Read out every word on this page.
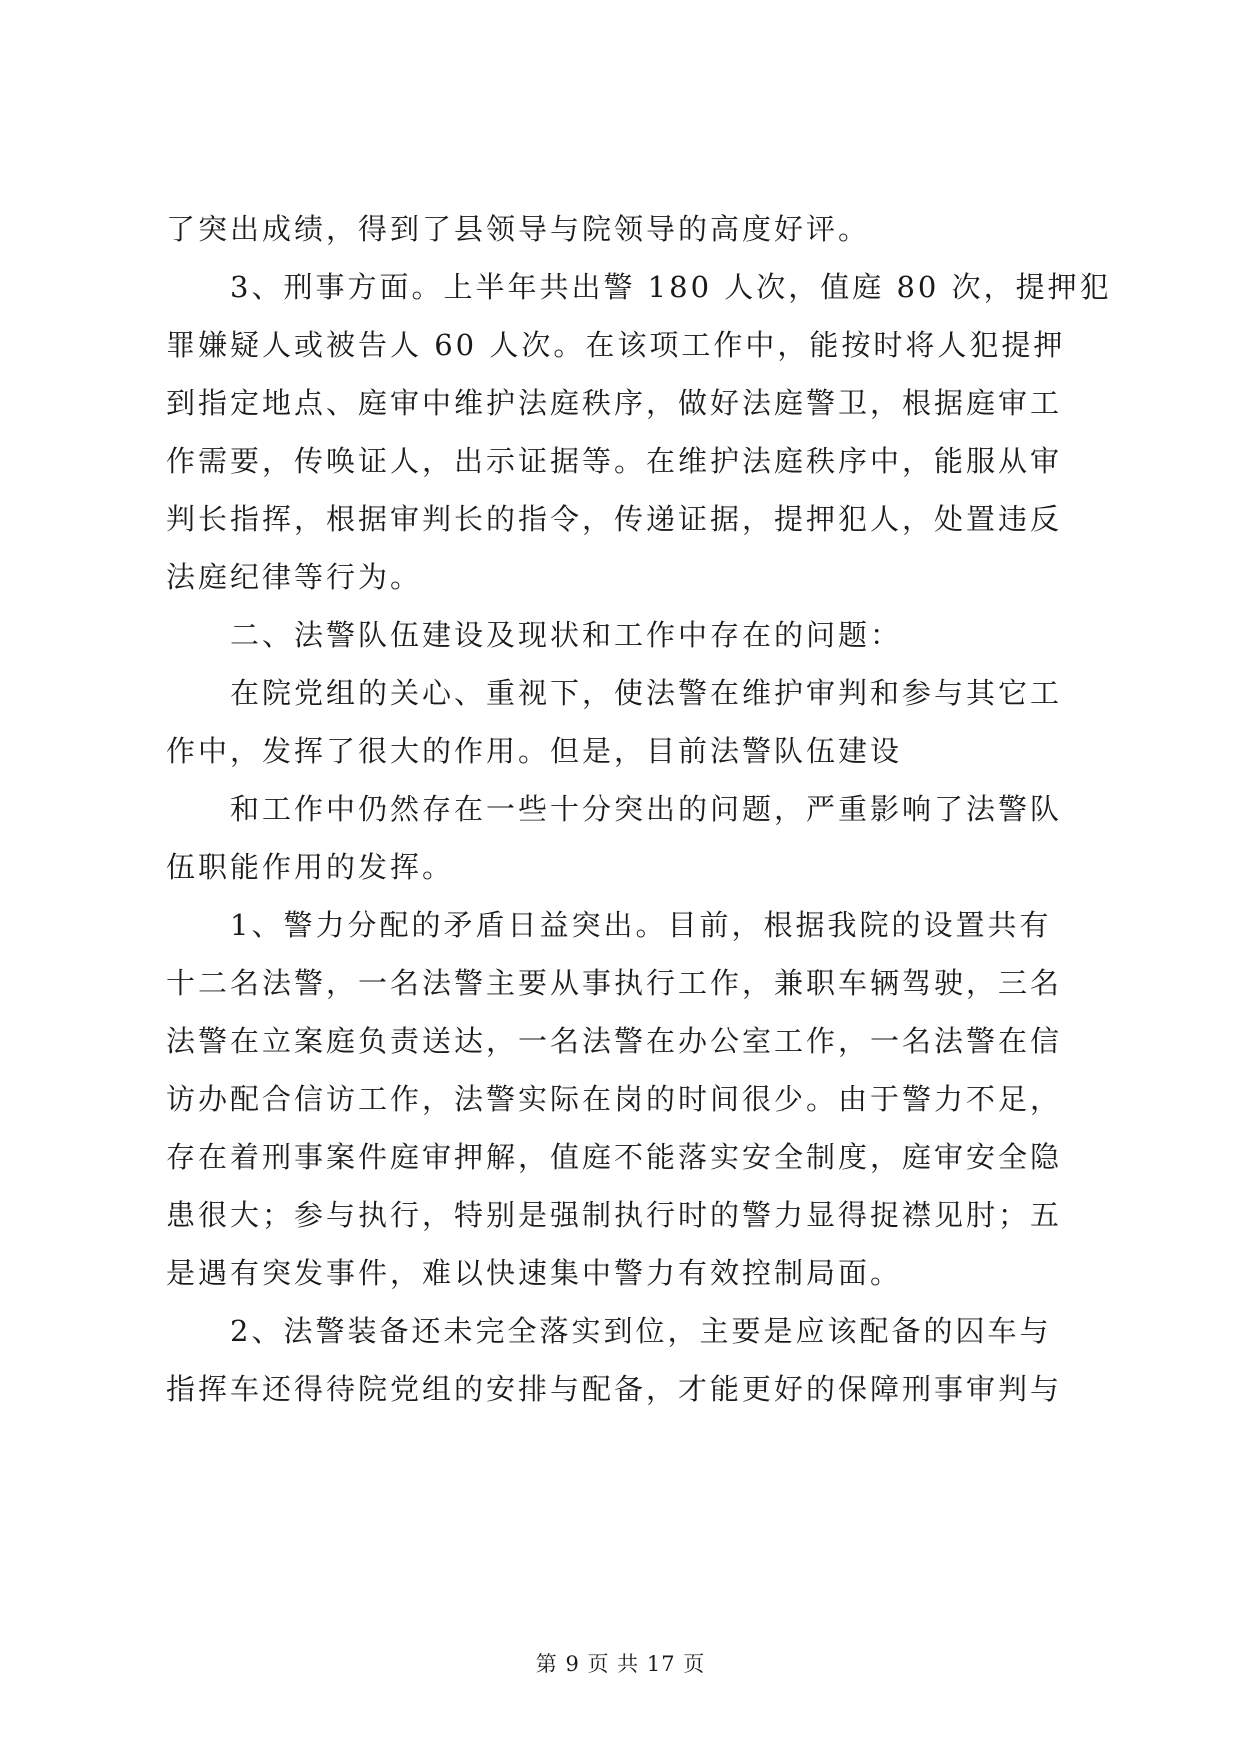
了突出成绩，得到了县领导与院领导的高度好评。
3、刑事方面。上半年共出警 180 人次，值庭 80 次，提押犯
罪嫌疑人或被告人 60 人次。在该项工作中，能按时将人犯提押
到指定地点、庭审中维护法庭秩序，做好法庭警卫，根据庭审工
作需要，传唤证人，出示证据等。在维护法庭秩序中，能服从审
判长指挥，根据审判长的指令，传递证据，提押犯人，处置违反
法庭纪律等行为。
二、法警队伍建设及现状和工作中存在的问题：
在院党组的关心、重视下，使法警在维护审判和参与其它工
作中，发挥了很大的作用。但是，目前法警队伍建设
和工作中仍然存在一些十分突出的问题，严重影响了法警队
伍职能作用的发挥。
1、警力分配的矛盾日益突出。目前，根据我院的设置共有
十二名法警，一名法警主要从事执行工作，兼职车辆驾驶，三名
法警在立案庭负责送达，一名法警在办公室工作，一名法警在信
访办配合信访工作，法警实际在岗的时间很少。由于警力不足，
存在着刑事案件庭审押解，值庭不能落实安全制度，庭审安全隐
患很大；参与执行，特别是强制执行时的警力显得捉襟见肘；五
是遇有突发事件，难以快速集中警力有效控制局面。
2、法警装备还未完全落实到位，主要是应该配备的囚车与
指挥车还得待院党组的安排与配备，才能更好的保障刑事审判与
第 9 页 共 17 页
